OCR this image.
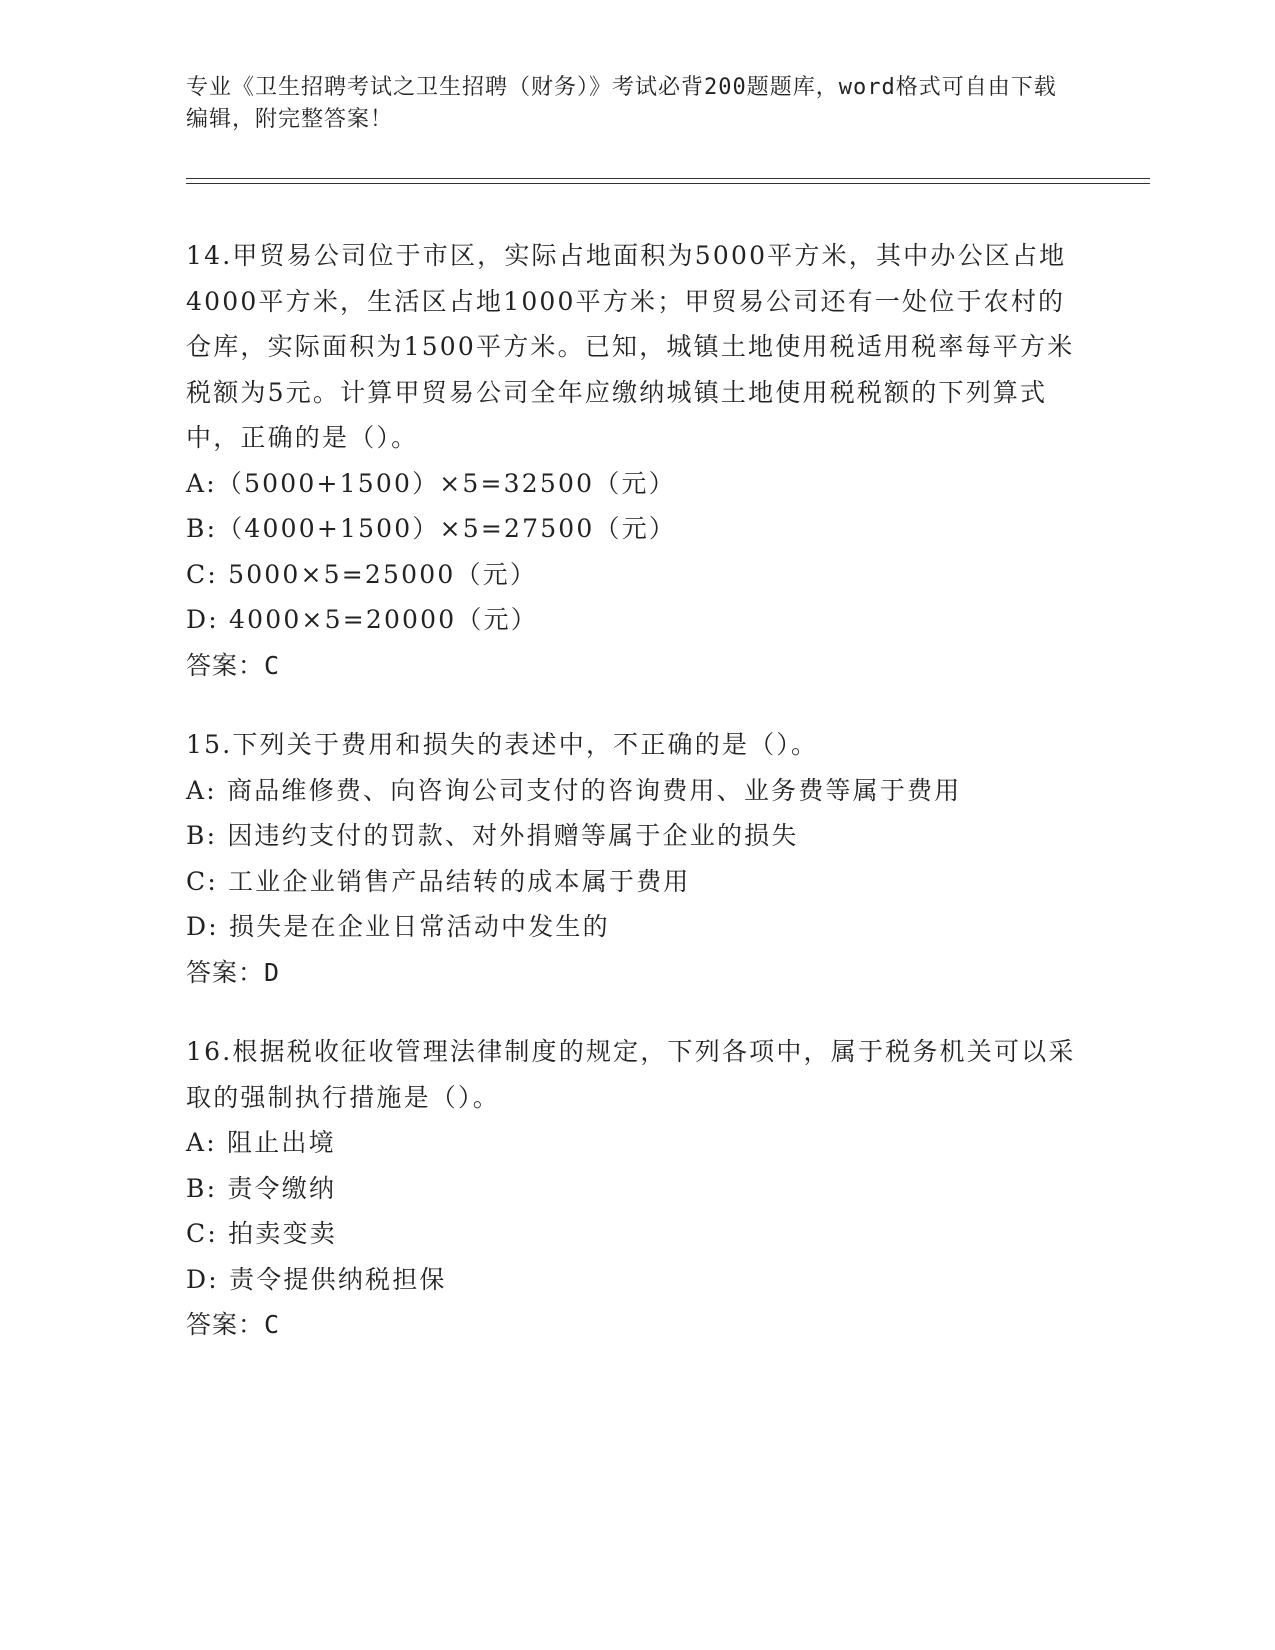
专业《卫生招聘考试之卫生招聘（财务）》考试必背200题题库，word格式可自由下载编辑，附完整答案！
14.甲贸易公司位于市区，实际占地面积为5000平方米，其中办公区占地4000平方米，生活区占地1000平方米；甲贸易公司还有一处位于农村的仓库，实际面积为1500平方米。已知，城镇土地使用税适用税率每平方米税额为5元。计算甲贸易公司全年应缴纳城镇土地使用税税额的下列算式中，正确的是（）。
A:（5000+1500）×5=32500（元）
B:（4000+1500）×5=27500（元）
C: 5000×5=25000（元）
D: 4000×5=20000（元）
答案：C
15.下列关于费用和损失的表述中，不正确的是（）。
A: 商品维修费、向咨询公司支付的咨询费用、业务费等属于费用
B: 因违约支付的罚款、对外捐赠等属于企业的损失
C: 工业企业销售产品结转的成本属于费用
D: 损失是在企业日常活动中发生的
答案：D
16.根据税收征收管理法律制度的规定，下列各项中，属于税务机关可以采取的强制执行措施是（）。
A: 阻止出境
B: 责令缴纳
C: 拍卖变卖
D: 责令提供纳税担保
答案：C
